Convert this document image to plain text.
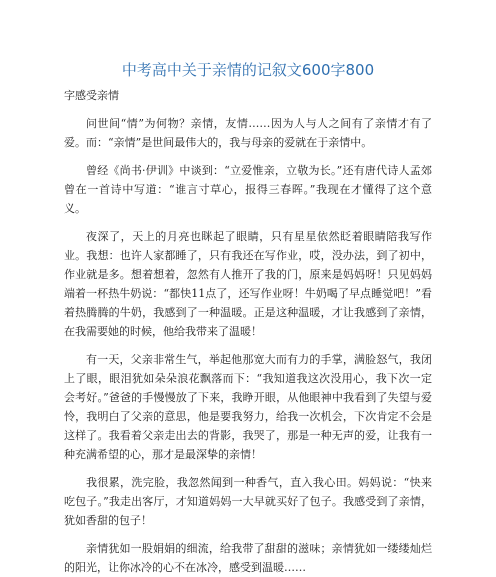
中考高中关于亲情的记叙文600字800
字感受亲情

问世间“情”为何物？亲情，友情……因为人与人之间有了亲情才有了爱。而：“亲情”是世间最伟大的，我与母亲的爱就在于亲情中。

曾经《尚书·伊训》中谈到：“立爱惟亲，立敬为长。”还有唐代诗人孟郊曾在一首诗中写道：“谁言寸草心，报得三春晖。”我现在才懂得了这个意义。

夜深了，天上的月亮也眯起了眼睛，只有星星依然眨着眼睛陪我写作业。我想：也许人家都睡了，只有我还在写作业，哎，没办法，到了初中，作业就是多。想着想着，忽然有人推开了我的门，原来是妈妈呀！只见妈妈端着一杯热牛奶说：“都快11点了，还写作业呀！牛奶喝了早点睡觉吧！”看着热腾腾的牛奶，我感到了一种温暖。正是这种温暖，才让我感到了亲情，在我需要她的时候，他给我带来了温暖！

有一天，父亲非常生气，举起他那宽大而有力的手掌，满脸怒气，我闭上了眼，眼泪犹如朵朵浪花飘落而下：“我知道我这次没用心，我下次一定会考好。”爸爸的手慢慢放了下来，我睁开眼，从他眼神中我看到了失望与爱怜，我明白了父亲的意思，他是要我努力，给我一次机会，下次肯定不会是这样了。我看着父亲走出去的背影，我哭了，那是一种无声的爱，让我有一种充满希望的心，那才是最深挚的亲情！

我很累，洗完脸，我忽然闻到一种香气，直入我心田。妈妈说：“快来吃包子。”我走出客厅，才知道妈妈一大早就买好了包子。我感受到了亲情，犹如香甜的包子！

亲情犹如一股娟娟的细流，给我带了甜甜的滋味；亲情犹如一缕缕灿烂的阳光，让你冰冷的心不在冰冷，感受到温暖……
